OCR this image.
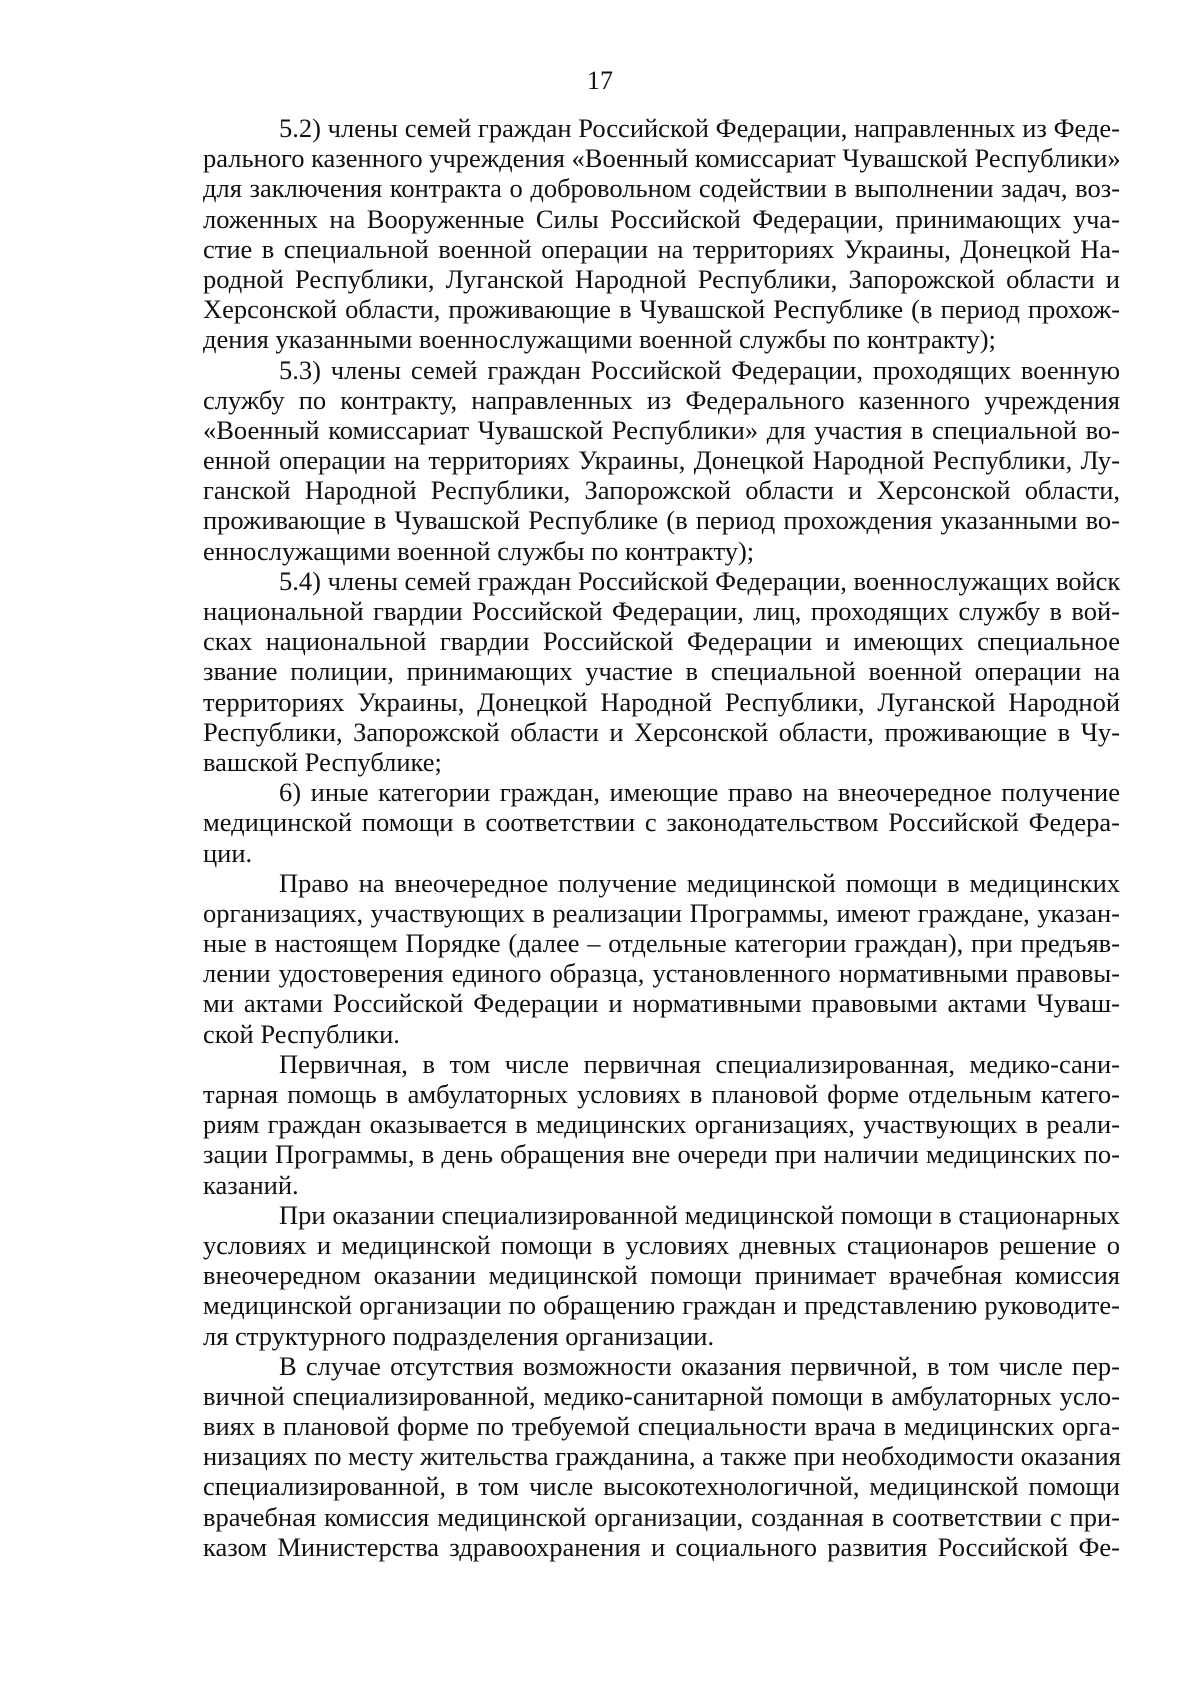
17

5.2) члены семей граждан Российской Федерации, направленных из Феде-
рального казенного учреждения «Военный комиссариат Чувашской Республики»
для заключения контракта о добровольном содействии в выполнении задач, воз-
ложенных на Вооруженные Силы Российской Федерации, принимающих уча-
стие в специальной военной операции на территориях Украины, Донецкой На-
родной Республики, Луганской Народной Республики, Запорожской области и
Херсонской области, проживающие в Чувашской Республике (в период прохож-
дения указанными военнослужащими военной службы по контракту);

5.3) члены семей граждан Российской Федерации, проходящих военную
службу по контракту, направленных из Федерального казенного учреждения
«Военный комиссариат Чувашской Республики» для участия в специальной во-
енной операции на территориях Украины, Донецкой Народной Республики, Лу-
ганской Народной Республики, Запорожской области и Херсонской области,
проживающие в Чувашской Республике (в период прохождения указанными во-
еннослужащими военной службы по контракту);

5.4) члены семей граждан Российской Федерации, военнослужащих войск
национальной гвардии Российской Федерации, лиц, проходящих службу в вой-
сках национальной гвардии Российской Федерации и имеющих специальное
звание полиции, принимающих участие в специальной военной операции на
территориях Украины, Донецкой Народной Республики, Луганской Народной
Республики, Запорожской области и Херсонской области, проживающие в Чу-
вашской Республике;

6) иные категории граждан, имеющие право на внеочередное получение
медицинской помощи в соответствии с законодательством Российской Федера-
ции.

Право на внеочередное получение медицинской помощи в медицинских
организациях, участвующих в реализации Программы, имеют граждане, указан-
ные в настоящем Порядке (далее – отдельные категории граждан), при предъяв-
лении удостоверения единого образца, установленного нормативными правовы-
ми актами Российской Федерации и нормативными правовыми актами Чуваш-
ской Республики.

Первичная, в том числе первичная специализированная, медико-сани-
тарная помощь в амбулаторных условиях в плановой форме отдельным катего-
риям граждан оказывается в медицинских организациях, участвующих в реали-
зации Программы, в день обращения вне очереди при наличии медицинских по-
казаний.

При оказании специализированной медицинской помощи в стационарных
условиях и медицинской помощи в условиях дневных стационаров решение о
внеочередном оказании медицинской помощи принимает врачебная комиссия
медицинской организации по обращению граждан и представлению руководите-
ля структурного подразделения организации.

В случае отсутствия возможности оказания первичной, в том числе пер-
вичной специализированной, медико-санитарной помощи в амбулаторных усло-
виях в плановой форме по требуемой специальности врача в медицинских орга-
низациях по месту жительства гражданина, а также при необходимости оказания
специализированной, в том числе высокотехнологичной, медицинской помощи
врачебная комиссия медицинской организации, созданная в соответствии с при-
казом Министерства здравоохранения и социального развития Российской Фе-
